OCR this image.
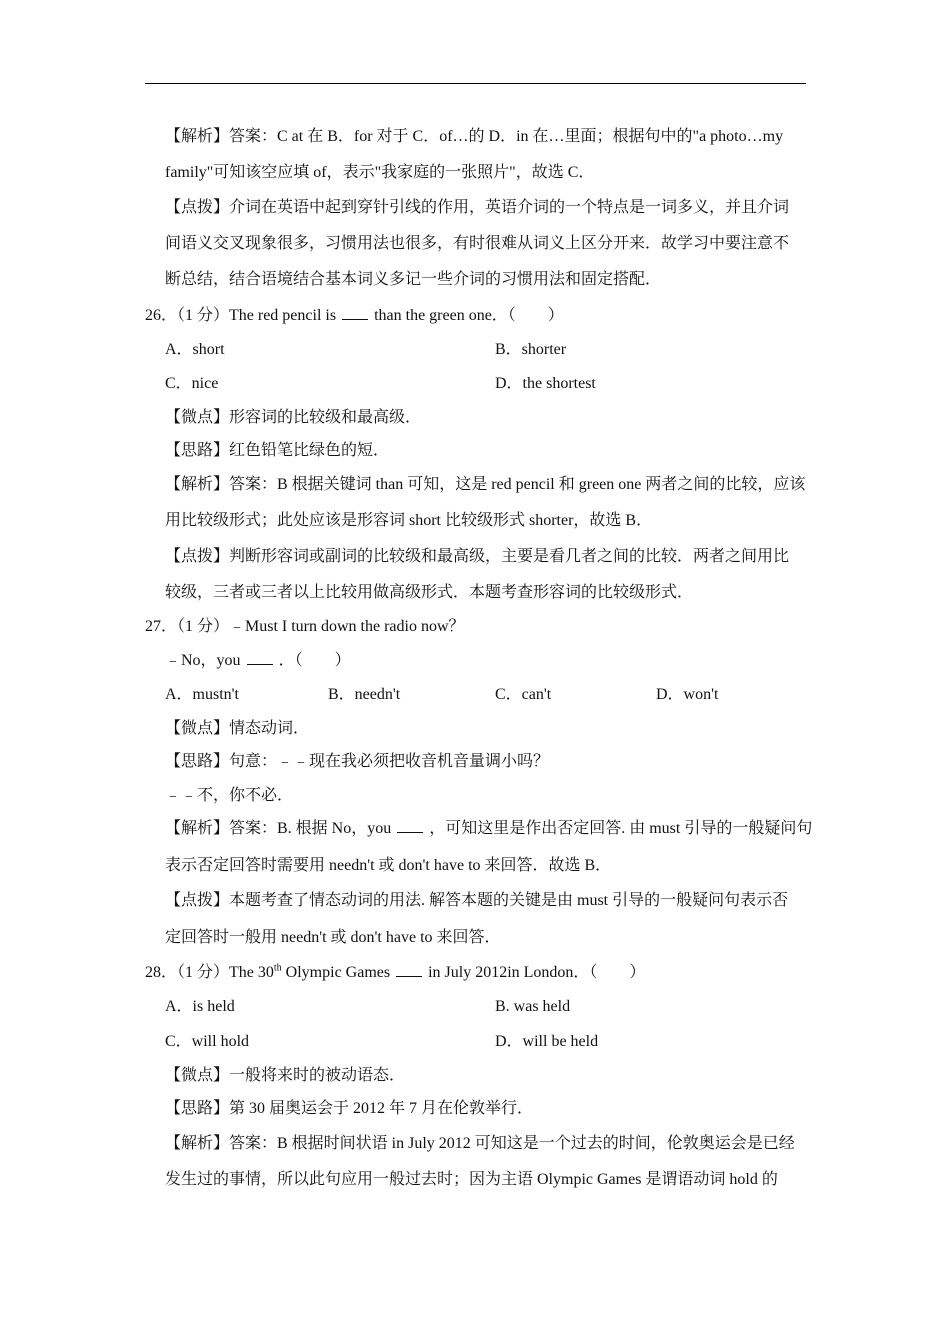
【解析】答案：C at 在 B．for 对于 C．of…的 D．in 在…里面；根据句中的"a photo…my
family"可知该空应填 of，表示"我家庭的一张照片"，故选 C．
【点拨】介词在英语中起到穿针引线的作用，英语介词的一个特点是一词多义，并且介词
间语义交叉现象很多，习惯用法也很多，有时很难从词义上区分开来．故学习中要注意不
断总结，结合语境结合基本词义多记一些介词的习惯用法和固定搭配．
26．（1 分）The red pencil is than the green one．（　　）
A．short	B．shorter
C．nice	D．the shortest
【微点】形容词的比较级和最高级．
【思路】红色铅笔比绿色的短．
【解析】答案：B 根据关键词 than 可知，这是 red pencil 和 green one 两者之间的比较，应该
用比较级形式；此处应该是形容词 short 比较级形式 shorter，故选 B．
【点拨】判断形容词或副词的比较级和最高级，主要是看几者之间的比较．两者之间用比
较级，三者或三者以上比较用做高级形式．本题考查形容词的比较级形式．
27．（1 分）﹣Must I turn down the radio now？
﹣No，you ．（　　）
A．mustn't	B．needn't	C．can't	D．won't
【微点】情态动词．
【思路】句意：﹣﹣现在我必须把收音机音量调小吗？
﹣﹣不，你不必．
【解析】答案：B. 根据 No，you ，可知这里是作出否定回答. 由 must 引导的一般疑问句
表示否定回答时需要用 needn't 或 don't have to 来回答．故选 B．
【点拨】本题考查了情态动词的用法. 解答本题的关键是由 must 引导的一般疑问句表示否
定回答时一般用 needn't 或 don't have to 来回答．
28．（1 分）The 30th Olympic Games in July 2012in London．（　　）
A．is held	B. was held
C．will hold	D．will be held
【微点】一般将来时的被动语态．
【思路】第 30 届奥运会于 2012 年 7 月在伦敦举行．
【解析】答案：B 根据时间状语 in July 2012 可知这是一个过去的时间，伦敦奥运会是已经
发生过的事情，所以此句应用一般过去时；因为主语 Olympic Games 是谓语动词 hold 的
